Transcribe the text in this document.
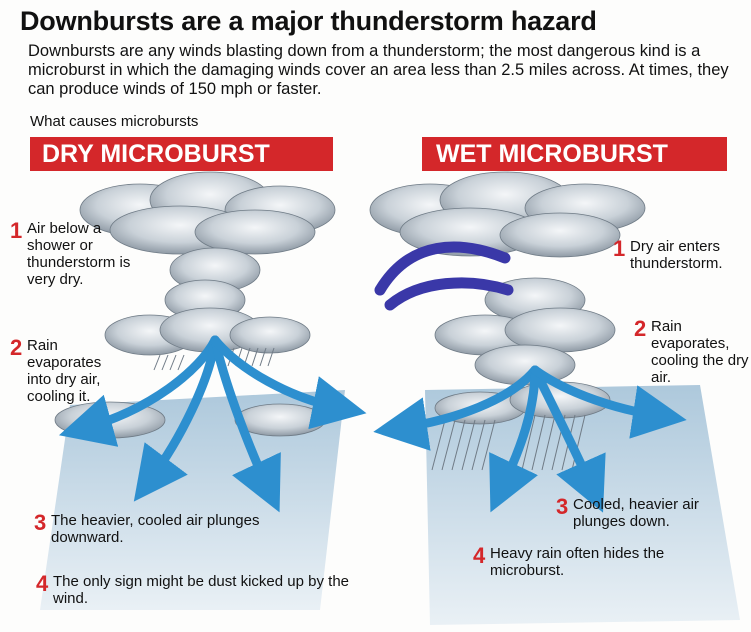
Downbursts are a major thunderstorm hazard
Downbursts are any winds blasting down from a thunderstorm; the most dangerous kind is a microburst in which the damaging winds cover an area less than 2.5 miles across. At times, they can produce winds of 150 mph or faster.
What causes microbursts
DRY MICROBURST	WET MICROBURST
1 Air below a shower or thunderstorm is very dry.
2 Rain evaporates into dry air, cooling it.
3 The heavier, cooled air plunges downward.
4 The only sign might be dust kicked up by the wind.
1 Dry air enters thunderstorm.
2 Rain evaporates, cooling the dry air.
3 Cooled, heavier air plunges down.
4 Heavy rain often hides the microburst.
